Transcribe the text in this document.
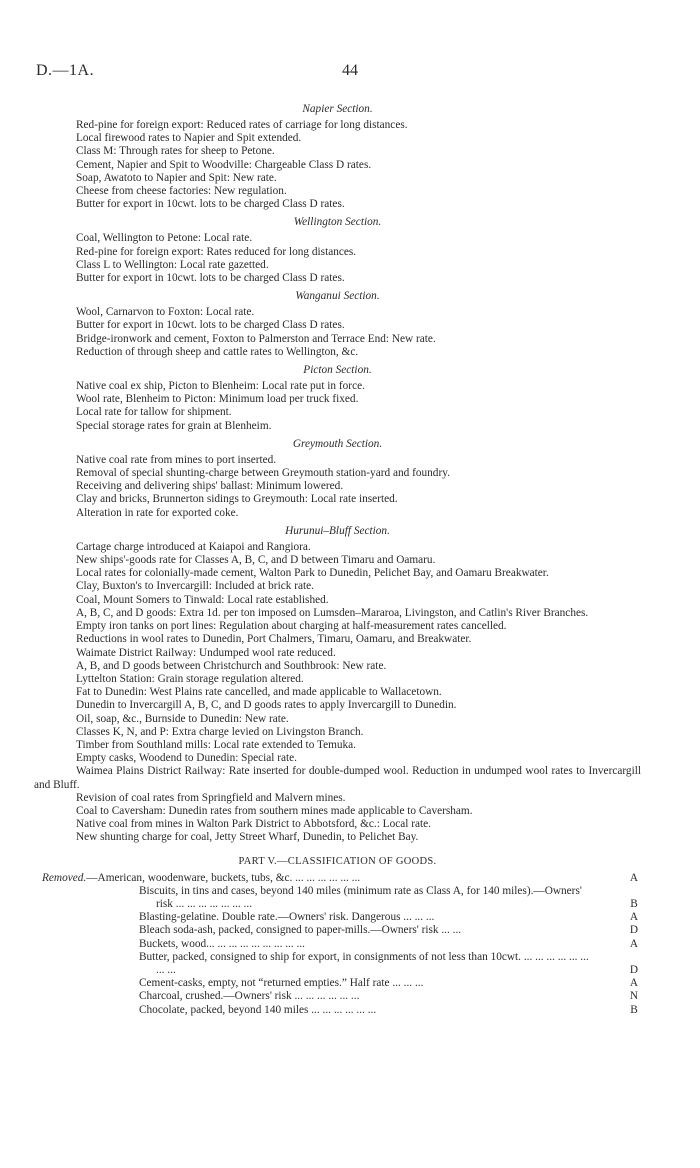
D.—1A.	44
Napier Section.
Red-pine for foreign export: Reduced rates of carriage for long distances.
Local firewood rates to Napier and Spit extended.
Class M: Through rates for sheep to Petone.
Cement, Napier and Spit to Woodville: Chargeable Class D rates.
Soap, Awatoto to Napier and Spit: New rate.
Cheese from cheese factories: New regulation.
Butter for export in 10cwt. lots to be charged Class D rates.
Wellington Section.
Coal, Wellington to Petone: Local rate.
Red-pine for foreign export: Rates reduced for long distances.
Class L to Wellington: Local rate gazetted.
Butter for export in 10cwt. lots to be charged Class D rates.
Wanganui Section.
Wool, Carnarvon to Foxton: Local rate.
Butter for export in 10cwt. lots to be charged Class D rates.
Bridge-ironwork and cement, Foxton to Palmerston and Terrace End: New rate.
Reduction of through sheep and cattle rates to Wellington, &c.
Picton Section.
Native coal ex ship, Picton to Blenheim: Local rate put in force.
Wool rate, Blenheim to Picton: Minimum load per truck fixed.
Local rate for tallow for shipment.
Special storage rates for grain at Blenheim.
Greymouth Section.
Native coal rate from mines to port inserted.
Removal of special shunting-charge between Greymouth station-yard and foundry.
Receiving and delivering ships' ballast: Minimum lowered.
Clay and bricks, Brunnerton sidings to Greymouth: Local rate inserted.
Alteration in rate for exported coke.
Hurunui–Bluff Section.
Cartage charge introduced at Kaiapoi and Rangiora.
New ships'-goods rate for Classes A, B, C, and D between Timaru and Oamaru.
Local rates for colonially-made cement, Walton Park to Dunedin, Pelichet Bay, and Oamaru Breakwater.
Clay, Buxton's to Invercargill: Included at brick rate.
Coal, Mount Somers to Tinwald: Local rate established.
A, B, C, and D goods: Extra 1d. per ton imposed on Lumsden–Mararoa, Livingston, and Catlin's River Branches.
Empty iron tanks on port lines: Regulation about charging at half-measurement rates cancelled.
Reductions in wool rates to Dunedin, Port Chalmers, Timaru, Oamaru, and Breakwater.
Waimate District Railway: Undumped wool rate reduced.
A, B, and D goods between Christchurch and Southbrook: New rate.
Lyttelton Station: Grain storage regulation altered.
Fat to Dunedin: West Plains rate cancelled, and made applicable to Wallacetown.
Dunedin to Invercargill A, B, C, and D goods rates to apply Invercargill to Dunedin.
Oil, soap, &c., Burnside to Dunedin: New rate.
Classes K, N, and P: Extra charge levied on Livingston Branch.
Timber from Southland mills: Local rate extended to Temuka.
Empty casks, Woodend to Dunedin: Special rate.
Waimea Plains District Railway: Rate inserted for double-dumped wool. Reduction in undumped wool rates to Invercargill and Bluff.
Revision of coal rates from Springfield and Malvern mines.
Coal to Caversham: Dunedin rates from southern mines made applicable to Caversham.
Native coal from mines in Walton Park District to Abbotsford, &c.: Local rate.
New shunting charge for coal, Jetty Street Wharf, Dunedin, to Pelichet Bay.
PART V.—CLASSIFICATION OF GOODS.
Removed.—American, woodenware, buckets, tubs, &c. ... ... ... ... ... ...	A
Biscuits, in tins and cases, beyond 140 miles (minimum rate as Class A, for 140 miles).—Owners' risk ... ... ... ... ... ... ...	B
Blasting-gelatine. Double rate.—Owners' risk. Dangerous ... ... ...	A
Bleach soda-ash, packed, consigned to paper-mills.—Owners' risk ... ...	D
Buckets, wood... ... ... ... ... ... ... ... ...	A
Butter, packed, consigned to ship for export, in consignments of not less than 10cwt. ... ... ... ... ... ... ... ...	D
Cement-casks, empty, not “returned empties.” Half rate ... ... ...	A
Charcoal, crushed.—Owners' risk ... ... ... ... ... ...	N
Chocolate, packed, beyond 140 miles ... ... ... ... ... ...	B
